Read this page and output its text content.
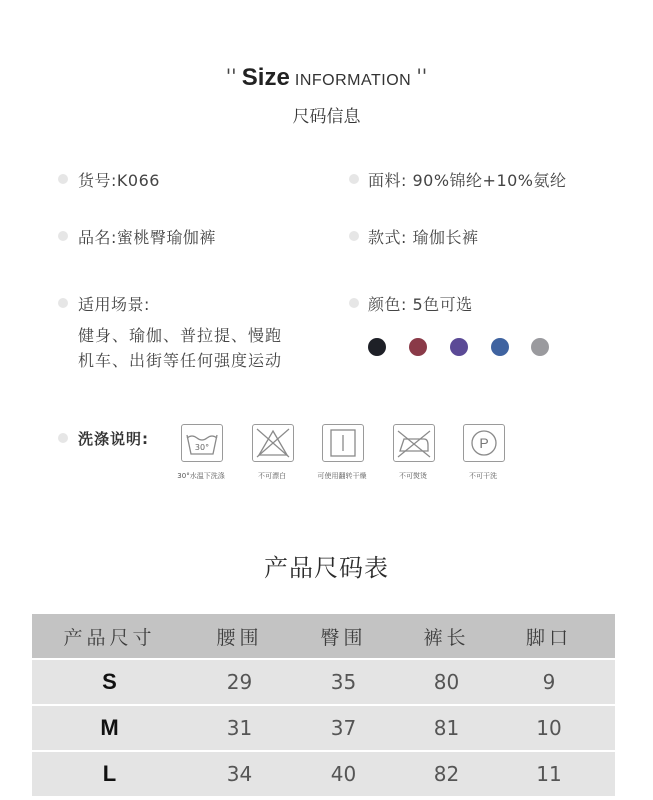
'' Size INFORMATION ''
尺码信息
货号:K066	面料: 90%锦纶+10%氨纶
品名:蜜桃臀瑜伽裤	款式: 瑜伽长裤
适用场景:
健身、瑜伽、普拉提、慢跑
机车、出街等任何强度运动
颜色: 5色可选
洗涤说明:	30°
30°水温下洗涤	不可漂白	可使用翻转干燥	不可熨烫
P
不可干洗
产品尺码表
产品尺寸	腰围	臀围	裤长	脚口
S	29	35	80	9
M	31	37	81	10
L	34	40	82	11
